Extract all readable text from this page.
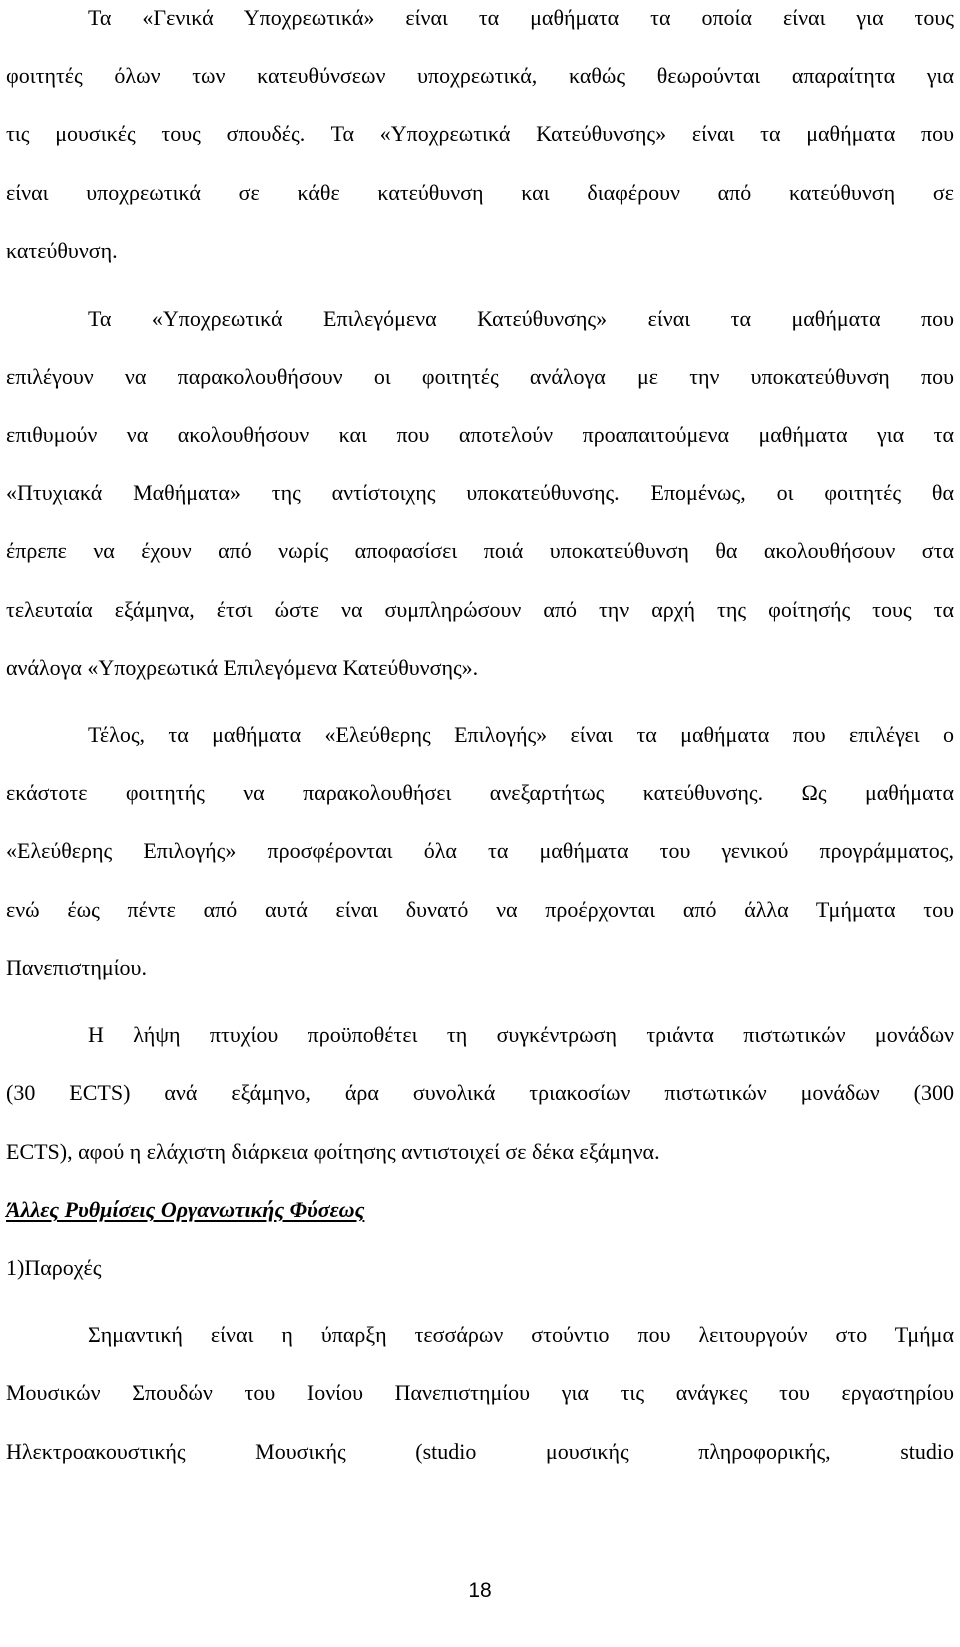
Τα «Γενικά Υποχρεωτικά» είναι τα μαθήματα τα οποία είναι για τους
φοιτητές όλων των κατευθύνσεων υποχρεωτικά, καθώς θεωρούνται απαραίτητα για
τις μουσικές τους σπουδές. Τα «Υποχρεωτικά Κατεύθυνσης» είναι τα μαθήματα που
είναι υποχρεωτικά σε κάθε κατεύθυνση και διαφέρουν από κατεύθυνση σε
κατεύθυνση.
Τα «Υποχρεωτικά Επιλεγόμενα Κατεύθυνσης» είναι τα μαθήματα που
επιλέγουν να παρακολουθήσουν οι φοιτητές ανάλογα με την υποκατεύθυνση που
επιθυμούν να ακολουθήσουν και που αποτελούν προαπαιτούμενα μαθήματα για τα
«Πτυχιακά Μαθήματα» της αντίστοιχης υποκατεύθυνσης. Επομένως, οι φοιτητές θα
έπρεπε να έχουν από νωρίς αποφασίσει ποιά υποκατεύθυνση θα ακολουθήσουν στα
τελευταία εξάμηνα, έτσι ώστε να συμπληρώσουν από την αρχή της φοίτησής τους τα
ανάλογα «Υποχρεωτικά Επιλεγόμενα Κατεύθυνσης».
Τέλος, τα μαθήματα «Ελεύθερης Επιλογής» είναι τα μαθήματα που επιλέγει ο
εκάστοτε φοιτητής να παρακολουθήσει ανεξαρτήτως κατεύθυνσης. Ως μαθήματα
«Ελεύθερης Επιλογής» προσφέρονται όλα τα μαθήματα του γενικού προγράμματος,
ενώ έως πέντε από αυτά είναι δυνατό να προέρχονται από άλλα Τμήματα του
Πανεπιστημίου.
Η λήψη πτυχίου προϋποθέτει τη συγκέντρωση τριάντα πιστωτικών μονάδων
(30 ECTS) ανά εξάμηνο, άρα συνολικά τριακοσίων πιστωτικών μονάδων (300
ECTS), αφού η ελάχιστη διάρκεια φοίτησης αντιστοιχεί σε δέκα εξάμηνα.
Άλλες Ρυθμίσεις Οργανωτικής Φύσεως
1)Παροχές
Σημαντική είναι η ύπαρξη τεσσάρων στούντιο που λειτουργούν στο Τμήμα
Μουσικών Σπουδών του Ιονίου Πανεπιστημίου για τις ανάγκες του εργαστηρίου
Ηλεκτροακουστικής Μουσικής (studio μουσικής πληροφορικής, studio
18
